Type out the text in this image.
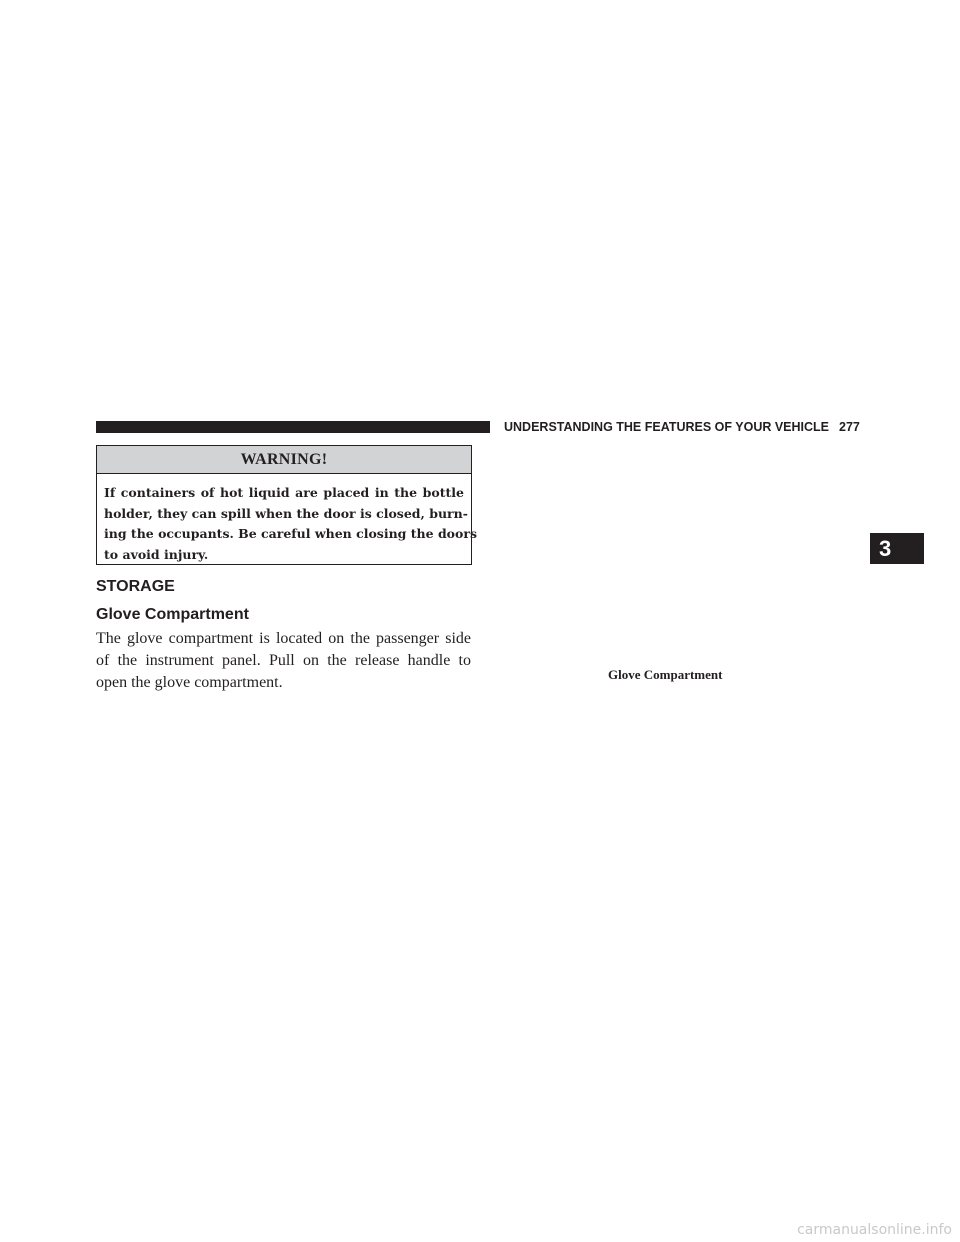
UNDERSTANDING THE FEATURES OF YOUR VEHICLE 277
WARNING!
If containers of hot liquid are placed in the bottle
holder, they can spill when the door is closed, burn-
ing the occupants. Be careful when closing the doors
to avoid injury.
STORAGE
Glove Compartment
The glove compartment is located on the passenger side
of the instrument panel. Pull on the release handle to
open the glove compartment.	Glove Compartment
3
carmanualsonline.info
